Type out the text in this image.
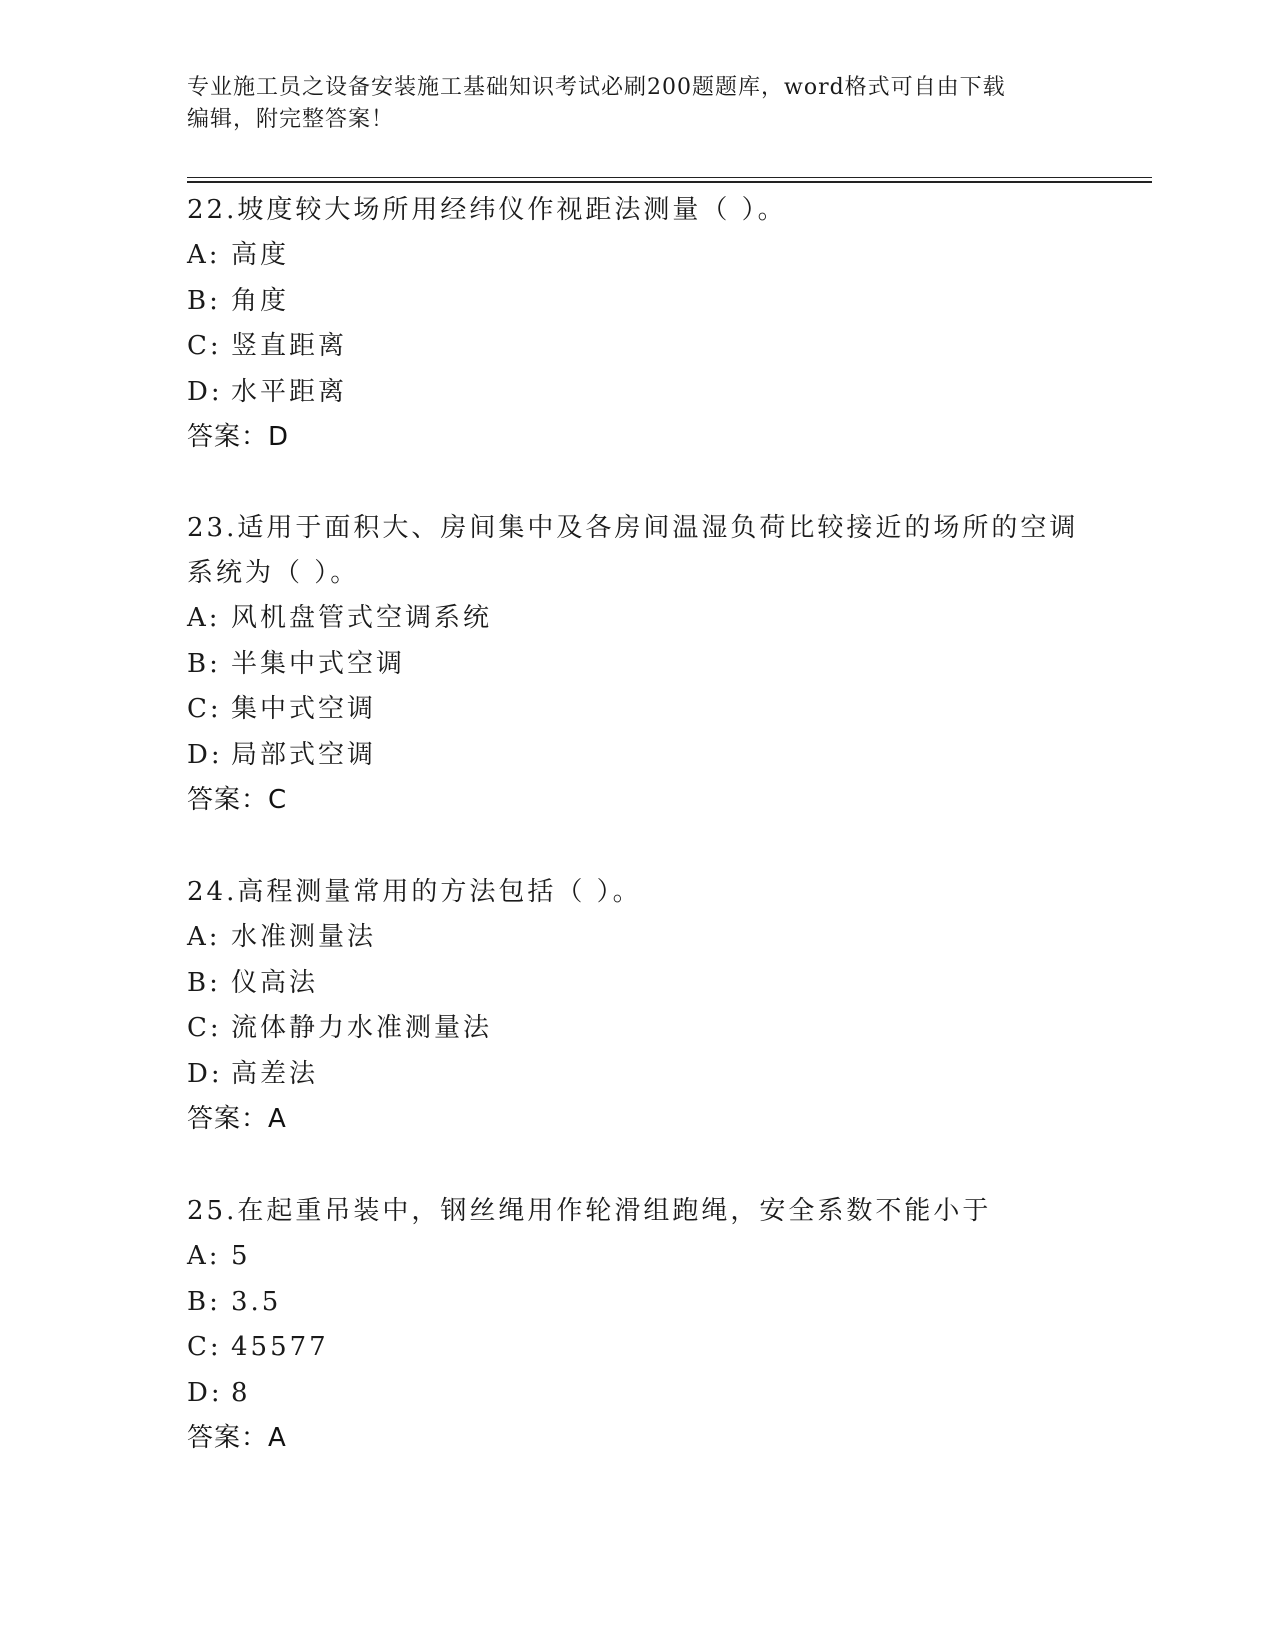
专业施工员之设备安装施工基础知识考试必刷200题题库，word格式可自由下载
编辑，附完整答案！
22.坡度较大场所用经纬仪作视距法测量（ ）。
A: 高度
B: 角度
C: 竖直距离
D: 水平距离
答案：D
23.适用于面积大、房间集中及各房间温湿负荷比较接近的场所的空调
系统为（ ）。
A: 风机盘管式空调系统
B: 半集中式空调
C: 集中式空调
D: 局部式空调
答案：C
24.高程测量常用的方法包括（ ）。
A: 水准测量法
B: 仪高法
C: 流体静力水准测量法
D: 高差法
答案：A
25.在起重吊装中，钢丝绳用作轮滑组跑绳，安全系数不能小于
A: 5
B: 3.5
C: 45577
D: 8
答案：A
